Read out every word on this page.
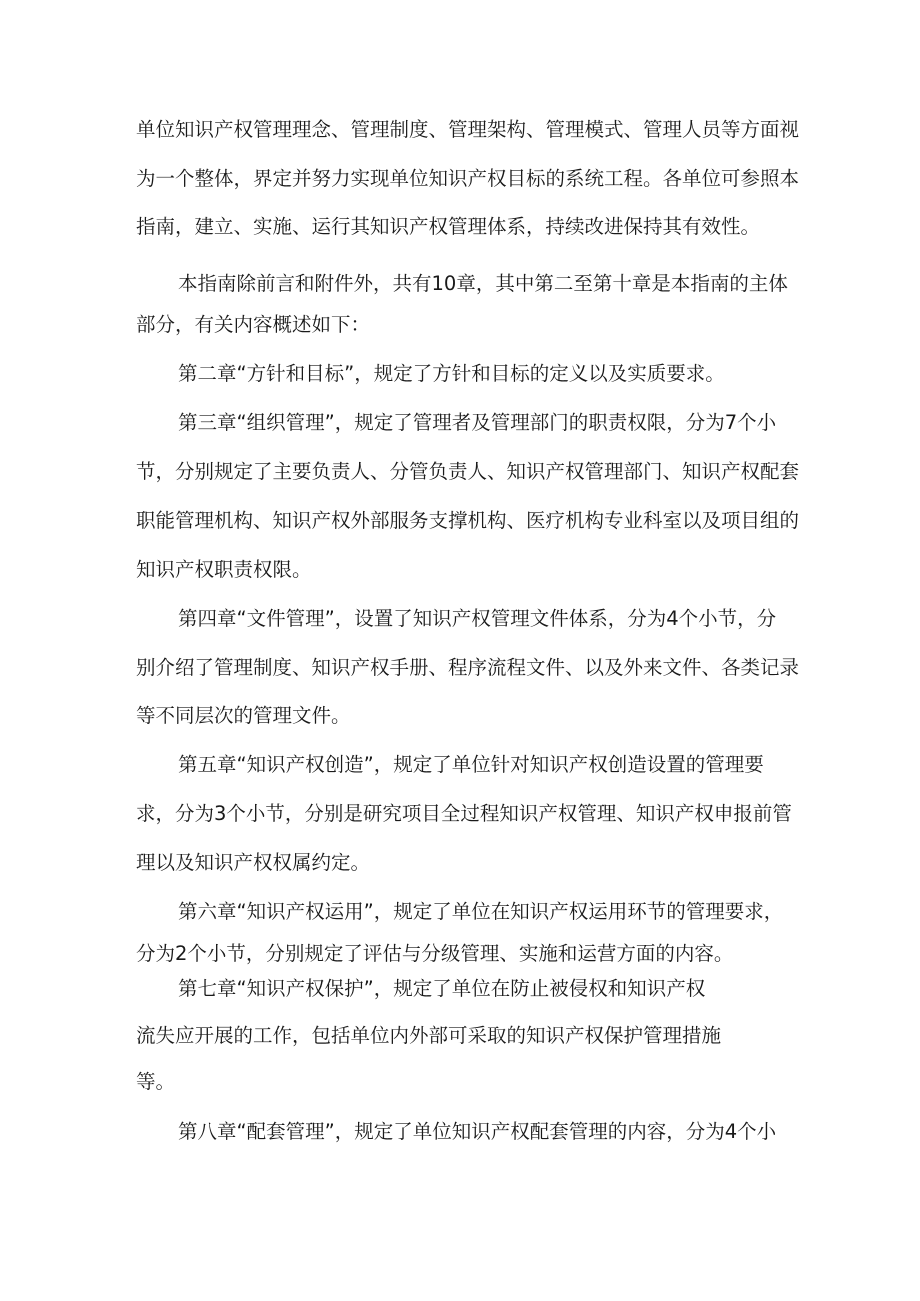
单位知识产权管理理念、管理制度、管理架构、管理模式、管理人员等方面视
为一个整体，界定并努力实现单位知识产权目标的系统工程。各单位可参照本
指南，建立、实施、运行其知识产权管理体系，持续改进保持其有效性。
本指南除前言和附件外，共有10章，其中第二至第十章是本指南的主体
部分，有关内容概述如下：
第二章“方针和目标”，规定了方针和目标的定义以及实质要求。
第三章“组织管理”，规定了管理者及管理部门的职责权限，分为7个小
节，分别规定了主要负责人、分管负责人、知识产权管理部门、知识产权配套
职能管理机构、知识产权外部服务支撑机构、医疗机构专业科室以及项目组的
知识产权职责权限。
第四章“文件管理”，设置了知识产权管理文件体系，分为4个小节，分
别介绍了管理制度、知识产权手册、程序流程文件、以及外来文件、各类记录
等不同层次的管理文件。
第五章“知识产权创造”，规定了单位针对知识产权创造设置的管理要
求，分为3个小节，分别是研究项目全过程知识产权管理、知识产权申报前管
理以及知识产权权属约定。
第六章“知识产权运用”，规定了单位在知识产权运用环节的管理要求，
分为2个小节，分别规定了评估与分级管理、实施和运营方面的内容。
第七章“知识产权保护”，规定了单位在防止被侵权和知识产权
流失应开展的工作，包括单位内外部可采取的知识产权保护管理措施
等。
第八章“配套管理”，规定了单位知识产权配套管理的内容，分为4个小
